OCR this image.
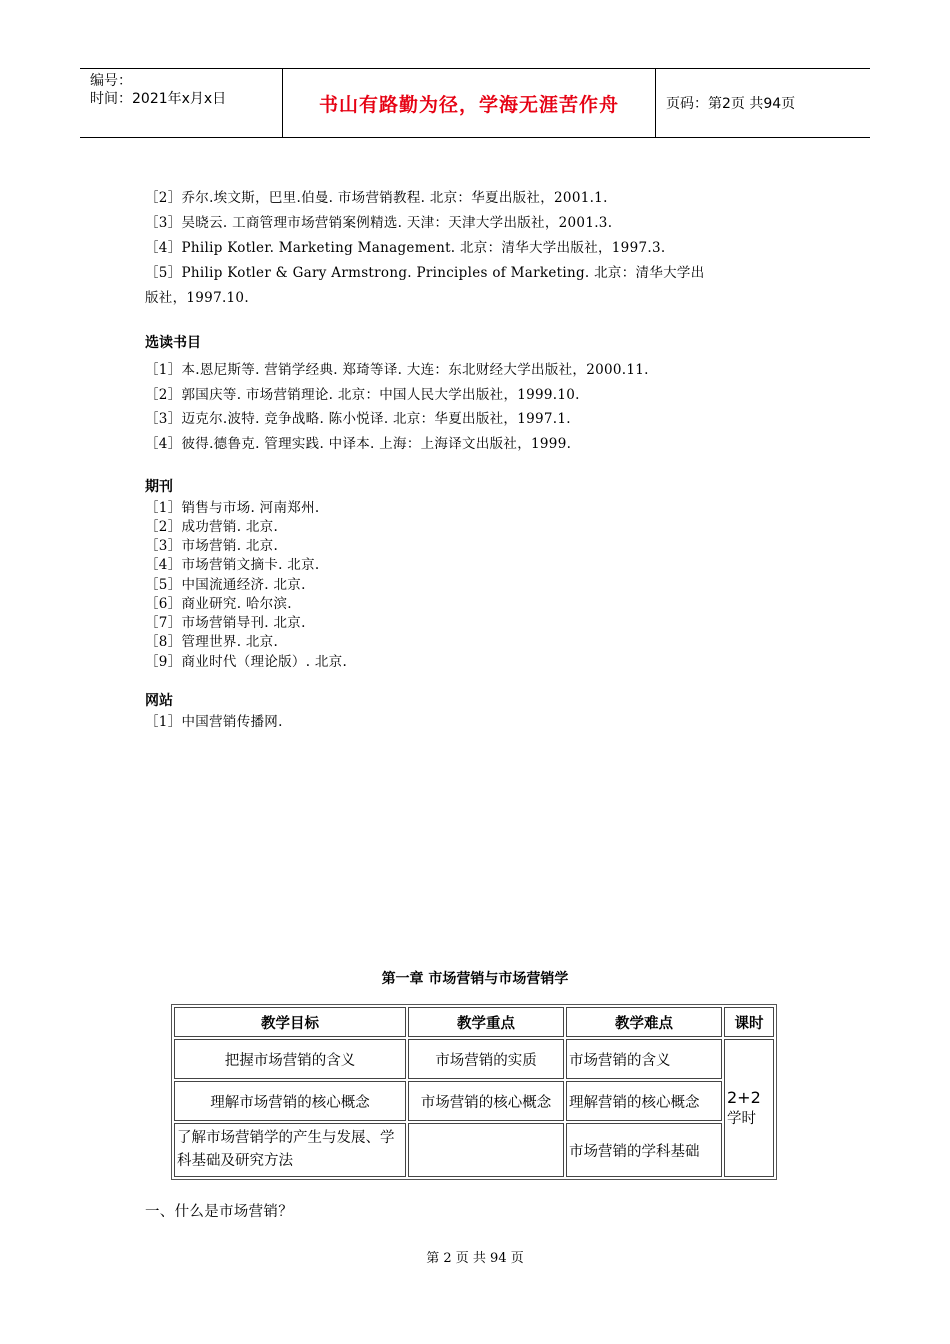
编号：
时间：2021年x月x日	书山有路勤为径，学海无涯苦作舟	页码：第2页 共94页
［2］乔尔.埃文斯，巴里.伯曼. 市场营销教程. 北京：华夏出版社，2001.1.
［3］吴晓云. 工商管理市场营销案例精选. 天津：天津大学出版社，2001.3.
［4］Philip Kotler. Marketing Management. 北京：清华大学出版社，1997.3.
［5］Philip Kotler & Gary Armstrong. Principles of Marketing. 北京：清华大学出
版社，1997.10.
选读书目
［1］本.恩尼斯等. 营销学经典. 郑琦等译. 大连：东北财经大学出版社，2000.11.
［2］郭国庆等. 市场营销理论. 北京：中国人民大学出版社，1999.10.
［3］迈克尔.波特. 竞争战略. 陈小悦译. 北京：华夏出版社，1997.1.
［4］彼得.德鲁克. 管理实践. 中译本. 上海：上海译文出版社，1999.
期刊
［1］销售与市场. 河南郑州.
［2］成功营销. 北京.
［3］市场营销. 北京.
［4］市场营销文摘卡. 北京.
［5］中国流通经济. 北京.
［6］商业研究. 哈尔滨.
［7］市场营销导刊. 北京.
［8］管理世界. 北京.
［9］商业时代（理论版）. 北京.
网站
［1］中国营销传播网.
第一章 市场营销与市场营销学
教学目标	教学重点	教学难点	课时
把握市场营销的含义	市场营销的实质	市场营销的含义	2+2
学时

理解市场营销的核心概念	市场营销的核心概念	理解营销的核心概念	
了解市场营销学的产生与发展、学科基础及研究方法		市场营销的学科基础	
一、什么是市场营销？
第 2 页 共 94 页
